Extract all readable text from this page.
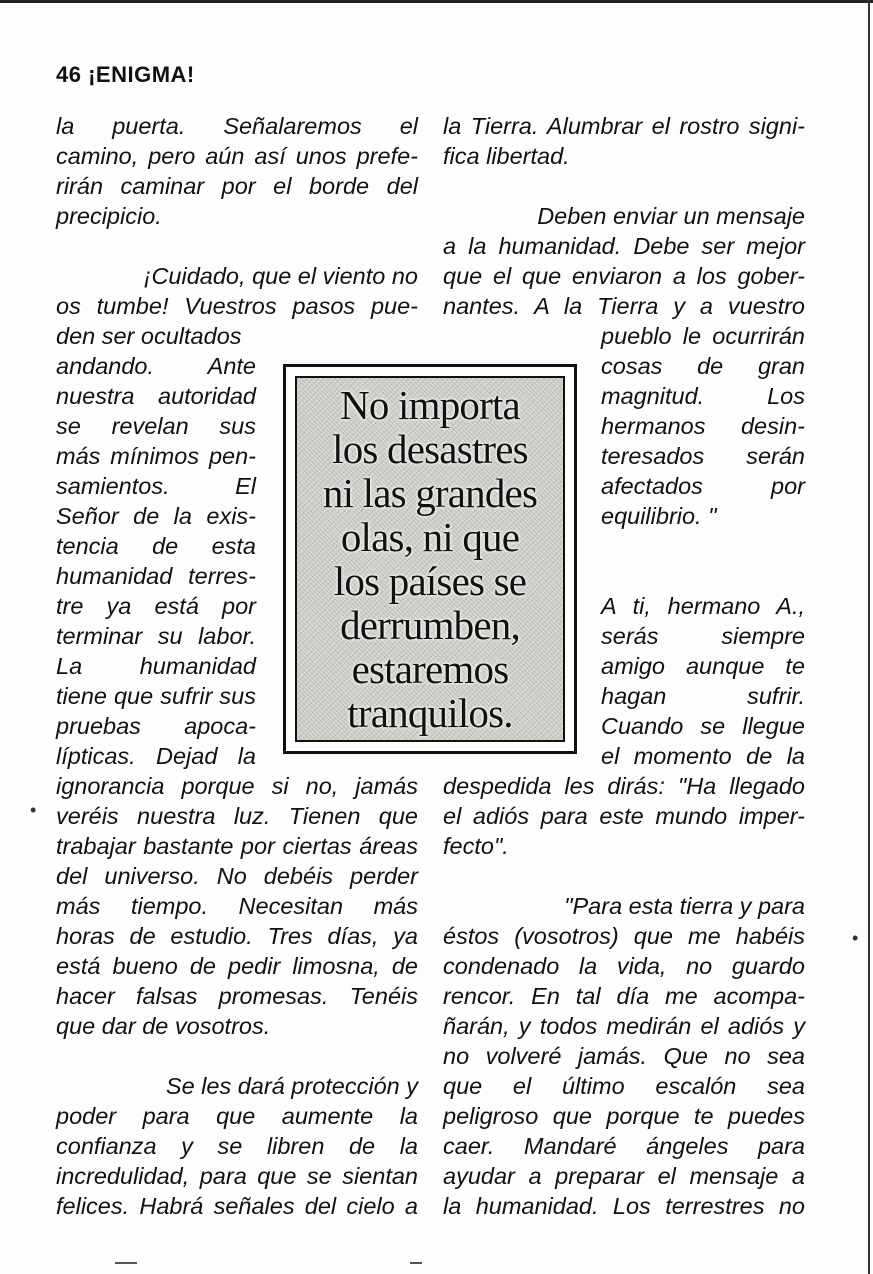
46 ¡ENIGMA!
la puerta. Señalaremos el
camino, pero aún así unos prefe-
rirán caminar por el borde del
precipicio.
¡Cuidado, que el viento no
os tumbe! Vuestros pasos pue-
den ser ocultados
andando. Ante
nuestra autoridad
se revelan sus
más mínimos pen-
samientos. El
Señor de la exis-
tencia de esta
humanidad terres-
tre ya está por
terminar su labor.
La humanidad
tiene que sufrir sus
pruebas apoca-
lípticas. Dejad la
ignorancia porque si no, jamás
veréis nuestra luz. Tienen que
trabajar bastante por ciertas áreas
del universo. No debéis perder
más tiempo. Necesitan más
horas de estudio. Tres días, ya
está bueno de pedir limosna, de
hacer falsas promesas. Tenéis
que dar de vosotros.
Se les dará protección y
poder para que aumente la
confianza y se libren de la
incredulidad, para que se sientan
felices. Habrá señales del cielo a
la Tierra. Alumbrar el rostro signi-
fica libertad.
Deben enviar un mensaje
a la humanidad. Debe ser mejor
que el que enviaron a los gober-
nantes. A la Tierra y a vuestro
pueblo le ocurrirán
cosas de gran
magnitud. Los
hermanos desin-
teresados serán
afectados por
equilibrio. "
A ti, hermano A.,
serás siempre
amigo aunque te
hagan sufrir.
Cuando se llegue
el momento de la
despedida les dirás: "Ha llegado
el adiós para este mundo imper-
fecto".
"Para esta tierra y para
éstos (vosotros) que me habéis
condenado la vida, no guardo
rencor. En tal día me acompa-
ñarán, y todos medirán el adiós y
no volveré jamás. Que no sea
que el último escalón sea
peligroso que porque te puedes
caer. Mandaré ángeles para
ayudar a preparar el mensaje a
la humanidad. Los terrestres no
No importa
los desastres
ni las grandes
olas, ni que
los países se
derrumben,
estaremos
tranquilos.
•
•
